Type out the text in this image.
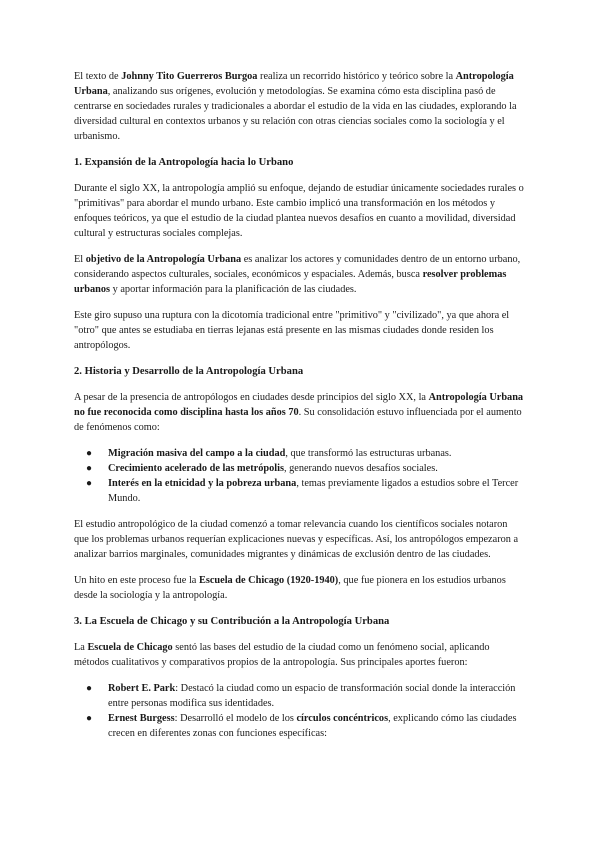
El texto de Johnny Tito Guerreros Burgoa realiza un recorrido histórico y teórico sobre la Antropología Urbana, analizando sus orígenes, evolución y metodologías. Se examina cómo esta disciplina pasó de centrarse en sociedades rurales y tradicionales a abordar el estudio de la vida en las ciudades, explorando la diversidad cultural en contextos urbanos y su relación con otras ciencias sociales como la sociología y el urbanismo.

1. Expansión de la Antropología hacia lo Urbano

Durante el siglo XX, la antropología amplió su enfoque, dejando de estudiar únicamente sociedades rurales o "primitivas" para abordar el mundo urbano. Este cambio implicó una transformación en los métodos y enfoques teóricos, ya que el estudio de la ciudad plantea nuevos desafíos en cuanto a movilidad, diversidad cultural y estructuras sociales complejas.

El objetivo de la Antropología Urbana es analizar los actores y comunidades dentro de un entorno urbano, considerando aspectos culturales, sociales, económicos y espaciales. Además, busca resolver problemas urbanos y aportar información para la planificación de las ciudades.

Este giro supuso una ruptura con la dicotomía tradicional entre "primitivo" y "civilizado", ya que ahora el "otro" que antes se estudiaba en tierras lejanas está presente en las mismas ciudades donde residen los antropólogos.

2. Historia y Desarrollo de la Antropología Urbana

A pesar de la presencia de antropólogos en ciudades desde principios del siglo XX, la Antropología Urbana no fue reconocida como disciplina hasta los años 70. Su consolidación estuvo influenciada por el aumento de fenómenos como:

● Migración masiva del campo a la ciudad, que transformó las estructuras urbanas.
● Crecimiento acelerado de las metrópolis, generando nuevos desafíos sociales.
● Interés en la etnicidad y la pobreza urbana, temas previamente ligados a estudios sobre el Tercer Mundo.

El estudio antropológico de la ciudad comenzó a tomar relevancia cuando los científicos sociales notaron que los problemas urbanos requerían explicaciones nuevas y específicas. Así, los antropólogos empezaron a analizar barrios marginales, comunidades migrantes y dinámicas de exclusión dentro de las ciudades.

Un hito en este proceso fue la Escuela de Chicago (1920-1940), que fue pionera en los estudios urbanos desde la sociología y la antropología.

3. La Escuela de Chicago y su Contribución a la Antropología Urbana

La Escuela de Chicago sentó las bases del estudio de la ciudad como un fenómeno social, aplicando métodos cualitativos y comparativos propios de la antropología. Sus principales aportes fueron:

● Robert E. Park: Destacó la ciudad como un espacio de transformación social donde la interacción entre personas modifica sus identidades.
● Ernest Burgess: Desarrolló el modelo de los círculos concéntricos, explicando cómo las ciudades crecen en diferentes zonas con funciones específicas:
